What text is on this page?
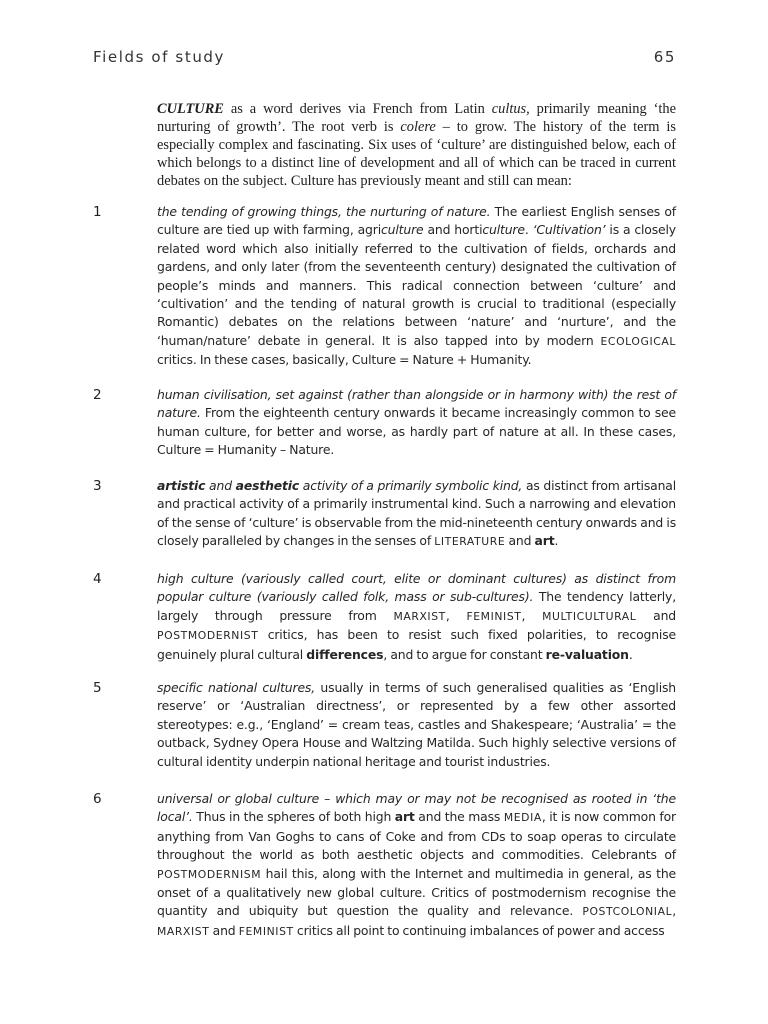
Fields of study	65
CULTURE as a word derives via French from Latin cultus, primarily meaning ‘the nurturing of growth’. The root verb is colere – to grow. The history of the term is especially complex and fascinating. Six uses of ‘culture’ are distinguished below, each of which belongs to a distinct line of development and all of which can be traced in current debates on the subject. Culture has previously meant and still can mean:
1	the tending of growing things, the nurturing of nature. The earliest English senses of culture are tied up with farming, agriculture and horticulture. ‘Cultivation’ is a closely related word which also initially referred to the cultivation of fields, orchards and gardens, and only later (from the seventeenth century) designated the cultivation of people’s minds and manners. This radical connection between ‘culture’ and ‘cultivation’ and the tending of natural growth is crucial to traditional (especially Romantic) debates on the relations between ‘nature’ and ‘nurture’, and the ‘human/nature’ debate in general. It is also tapped into by modern ECOLOGICAL critics. In these cases, basically, Culture = Nature + Humanity.
2	human civilisation, set against (rather than alongside or in harmony with) the rest of nature. From the eighteenth century onwards it became increasingly common to see human culture, for better and worse, as hardly part of nature at all. In these cases, Culture = Humanity – Nature.
3	artistic and aesthetic activity of a primarily symbolic kind, as distinct from artisanal and practical activity of a primarily instrumental kind. Such a narrowing and elevation of the sense of ‘culture’ is observable from the mid-nineteenth century onwards and is closely paralleled by changes in the senses of LITERATURE and art.
4	high culture (variously called court, elite or dominant cultures) as distinct from popular culture (variously called folk, mass or sub-cultures). The tendency latterly, largely through pressure from MARXIST, FEMINIST, MULTICULTURAL and POSTMODERNIST critics, has been to resist such fixed polarities, to recognise genuinely plural cultural differences, and to argue for constant re-valuation.
5	specific national cultures, usually in terms of such generalised qualities as ‘English reserve’ or ‘Australian directness’, or represented by a few other assorted stereotypes: e.g., ‘England’ = cream teas, castles and Shakespeare; ‘Australia’ = the outback, Sydney Opera House and Waltzing Matilda. Such highly selective versions of cultural identity underpin national heritage and tourist industries.
6	universal or global culture – which may or may not be recognised as rooted in ‘the local’. Thus in the spheres of both high art and the mass MEDIA, it is now common for anything from Van Goghs to cans of Coke and from CDs to soap operas to circulate throughout the world as both aesthetic objects and commodities. Celebrants of POSTMODERNISM hail this, along with the Internet and multimedia in general, as the onset of a qualitatively new global culture. Critics of postmodernism recognise the quantity and ubiquity but question the quality and relevance. POSTCOLONIAL, MARXIST and FEMINIST critics all point to continuing imbalances of power and access
